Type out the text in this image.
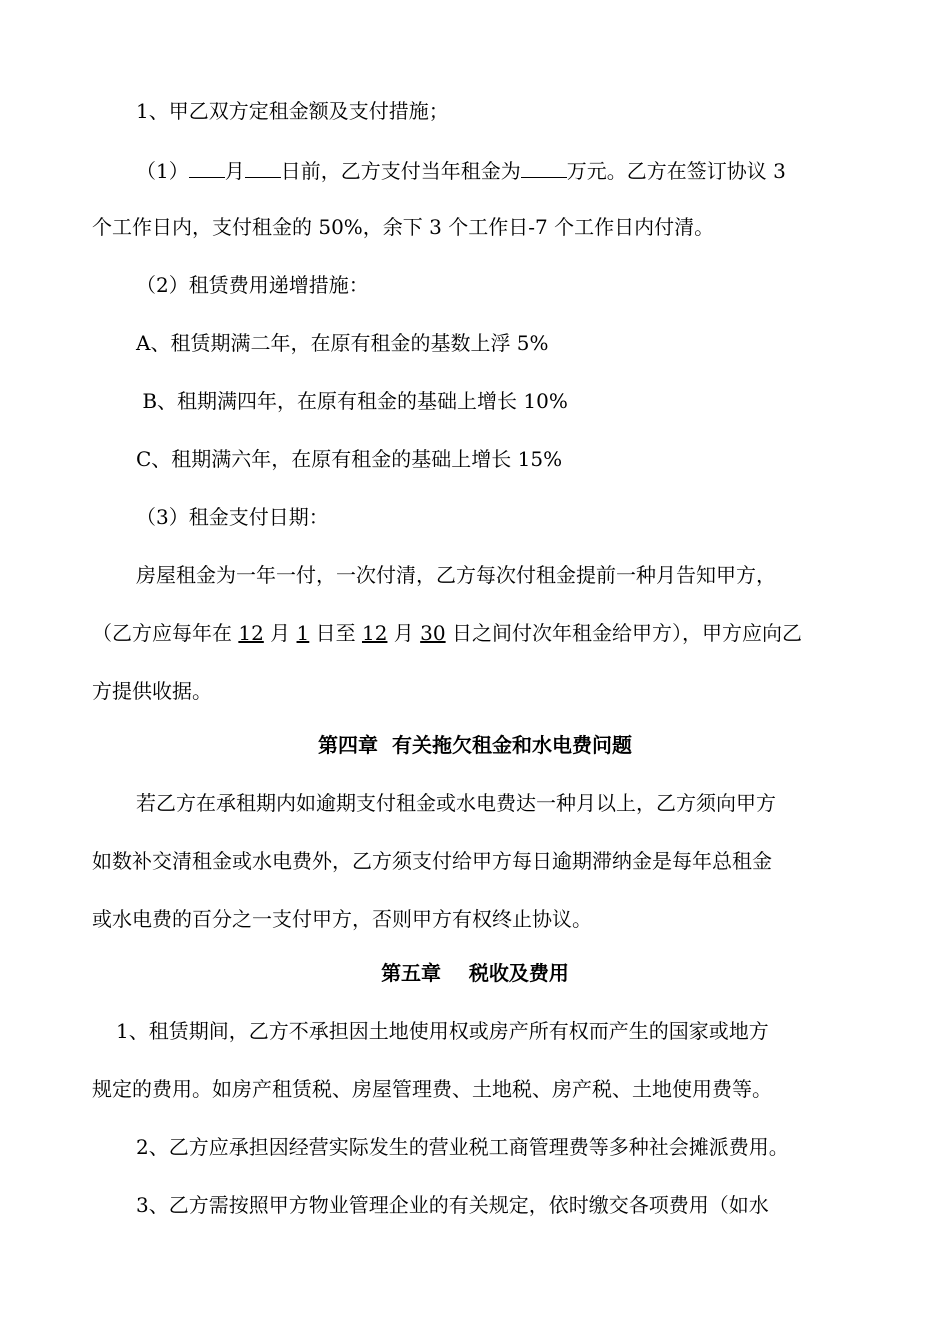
1、甲乙双方定租金额及支付措施；
（1） 月 日前，乙方支付当年租金为 万元。乙方在签订协议 3
个工作日内，支付租金的 50%，余下 3 个工作日-7 个工作日内付清。
（2）租赁费用递增措施：
A、租赁期满二年，在原有租金的基数上浮 5%
B、租期满四年，在原有租金的基础上增长 10%
C、租期满六年，在原有租金的基础上增长 15%
（3）租金支付日期：
房屋租金为一年一付，一次付清，乙方每次付租金提前一种月告知甲方，
（乙方应每年在 12 月 1 日至 12 月 30 日之间付次年租金给甲方），甲方应向乙
方提供收据。
第四章  有关拖欠租金和水电费问题
若乙方在承租期内如逾期支付租金或水电费达一种月以上，乙方须向甲方
如数补交清租金或水电费外，乙方须支付给甲方每日逾期滞纳金是每年总租金
或水电费的百分之一支付甲方，否则甲方有权终止协议。
第五章    税收及费用
1、租赁期间，乙方不承担因土地使用权或房产所有权而产生的国家或地方
规定的费用。如房产租赁税、房屋管理费、土地税、房产税、土地使用费等。
2、乙方应承担因经营实际发生的营业税工商管理费等多种社会摊派费用。
3、乙方需按照甲方物业管理企业的有关规定，依时缴交各项费用（如水
